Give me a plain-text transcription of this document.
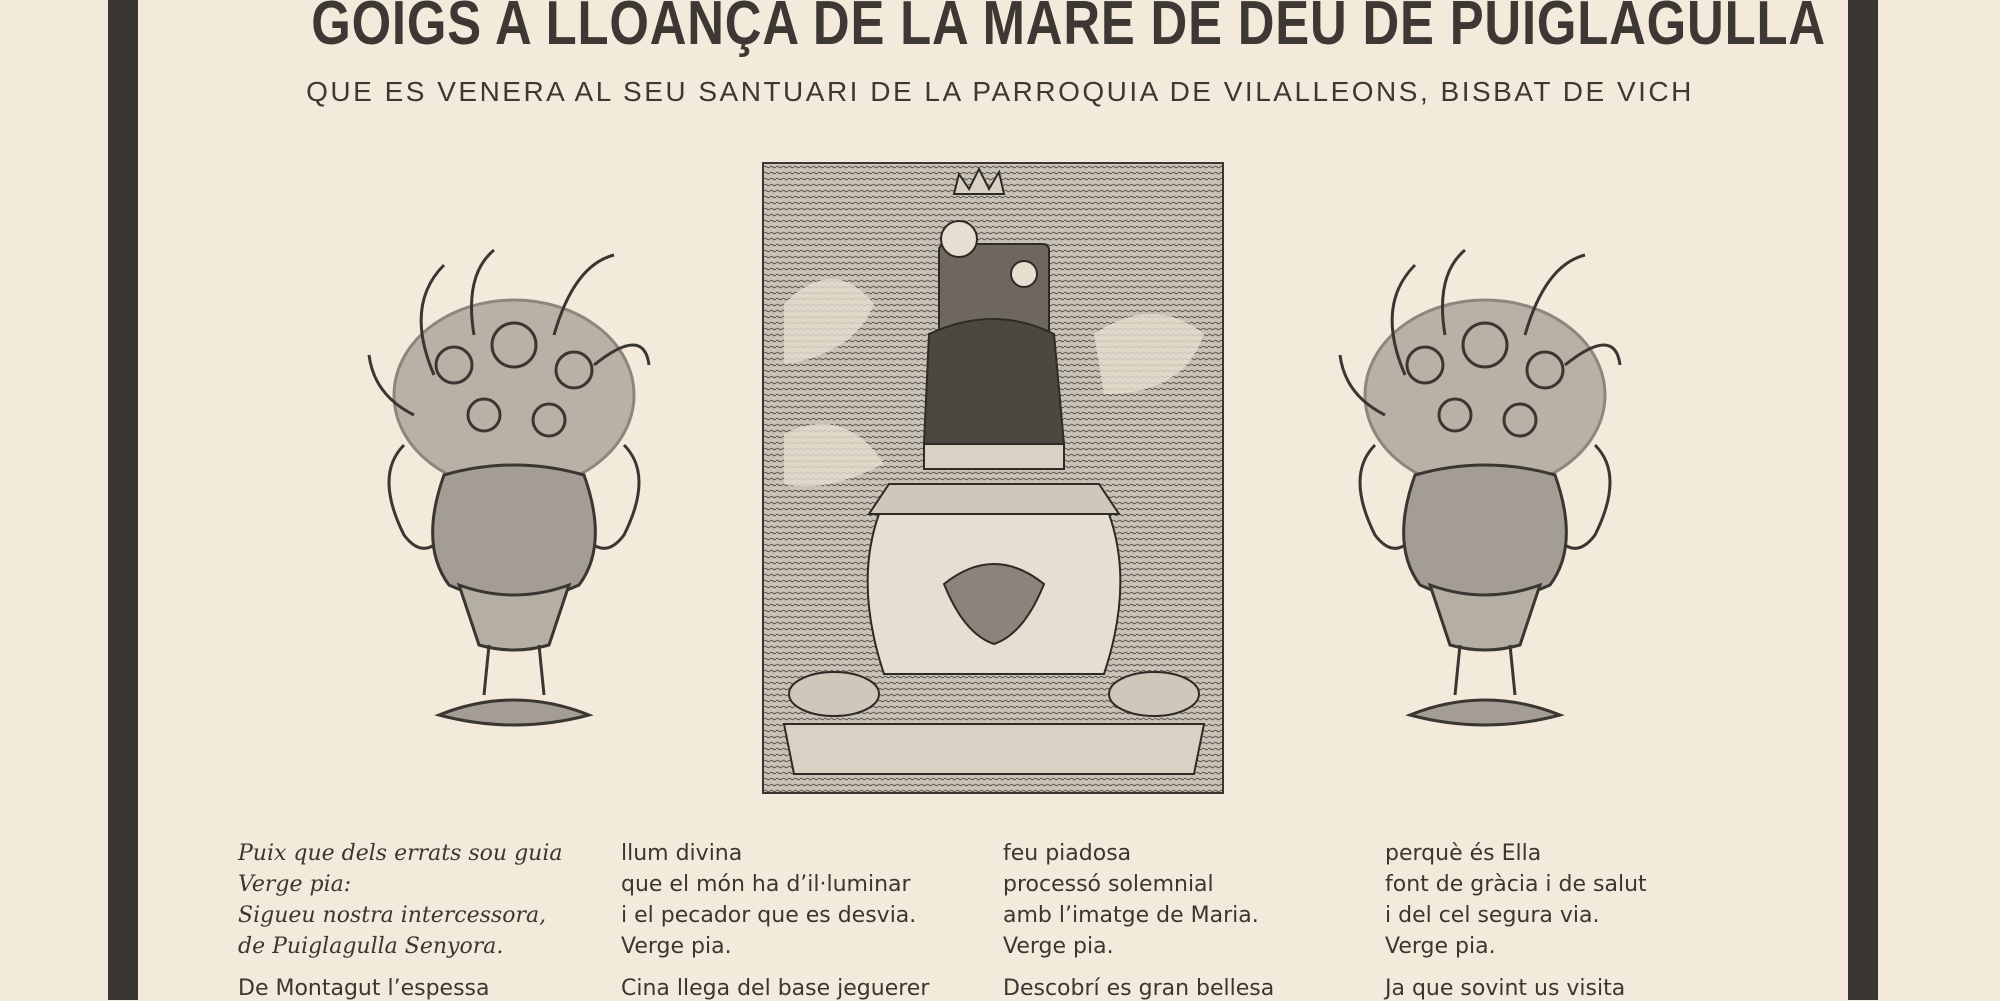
GOIGS A LLOANÇA DE LA MARE DE DEU DE PUIGLAGULLA
QUE ES VENERA AL SEU SANTUARI DE LA PARROQUIA DE VILALLEONS, BISBAT DE VICH
Puix que dels errats sou guia
Verge pia:
Sigueu nostra intercessora,
de Puiglagulla Senyora.
llum divina
que el món ha d’il·luminar
i el pecador que es desvia.
Verge pia.
feu piadosa
processó solemnial
amb l’imatge de Maria.
Verge pia.
perquè és Ella
font de gràcia i de salut
i del cel segura via.
Verge pia.
De Montagut l’espessa	Cina llega del base jeguerer	Descobrí es gran bellesa	Ja que sovint us visita
